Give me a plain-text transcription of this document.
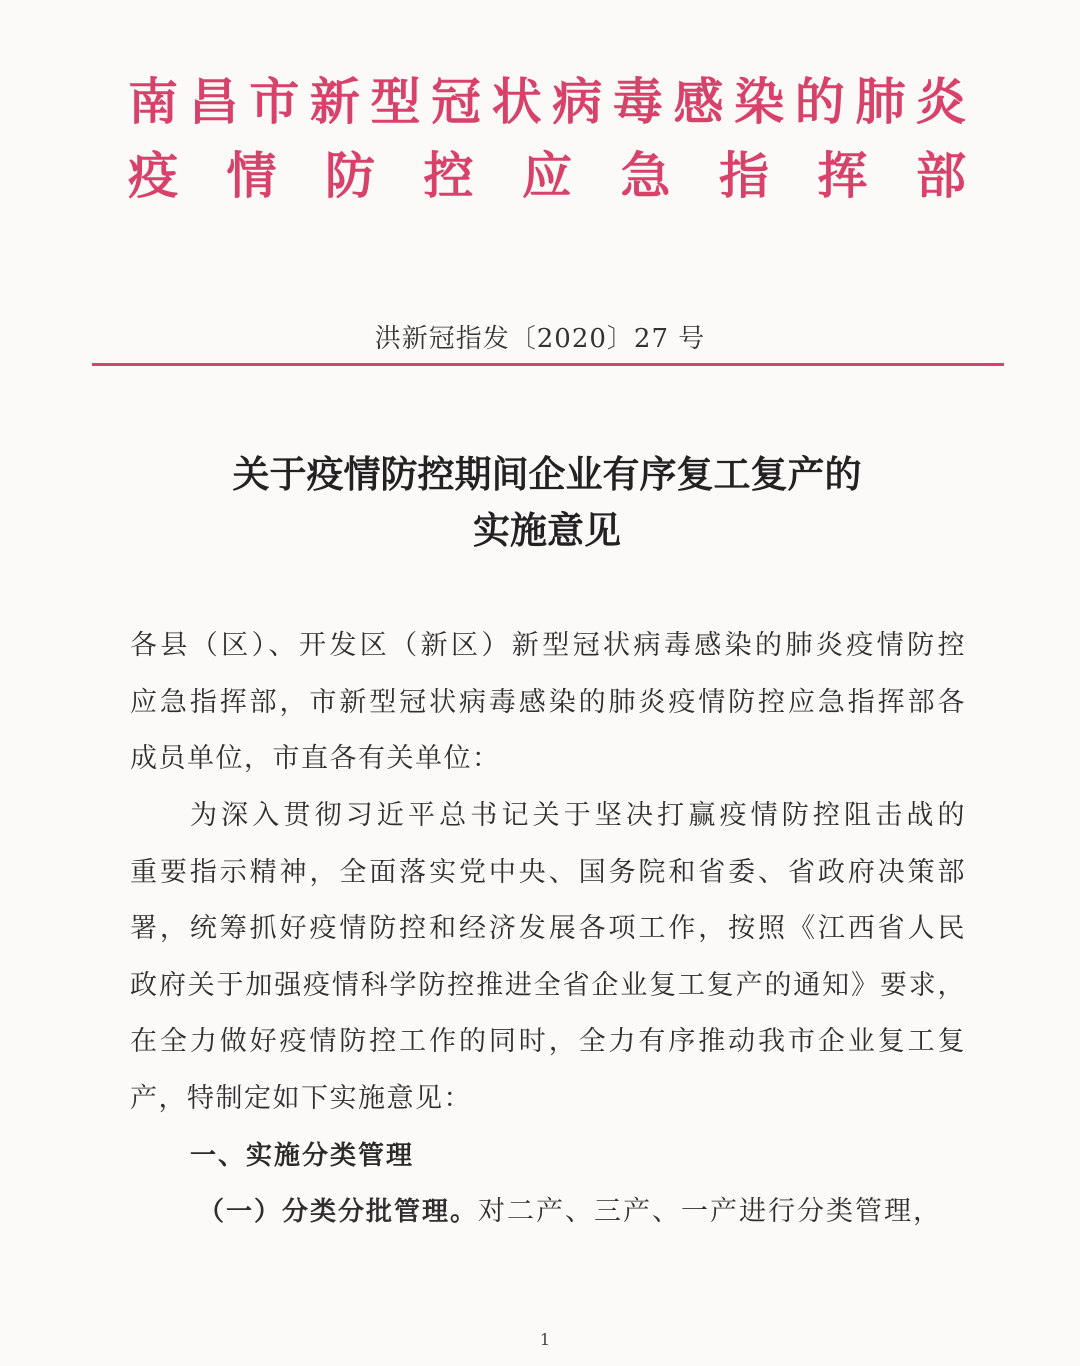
南 昌 市 新 型 冠 状 病 毒 感 染 的 肺 炎
疫 情 防 控 应 急 指 挥 部
洪新冠指发〔2020〕27 号
关于疫情防控期间企业有序复工复产的
实施意见
各县（区）、开发区（新区）新型冠状病毒感染的肺炎疫情防控
应急指挥部，市新型冠状病毒感染的肺炎疫情防控应急指挥部各
成员单位，市直各有关单位：
为深入贯彻习近平总书记关于坚决打赢疫情防控阻击战的
重要指示精神，全面落实党中央、国务院和省委、省政府决策部
署，统筹抓好疫情防控和经济发展各项工作，按照《江西省人民
政府关于加强疫情科学防控推进全省企业复工复产的通知》要求，
在全力做好疫情防控工作的同时，全力有序推动我市企业复工复
产，特制定如下实施意见：
一、实施分类管理
（一）分类分批管理。对二产、三产、一产进行分类管理，
1
